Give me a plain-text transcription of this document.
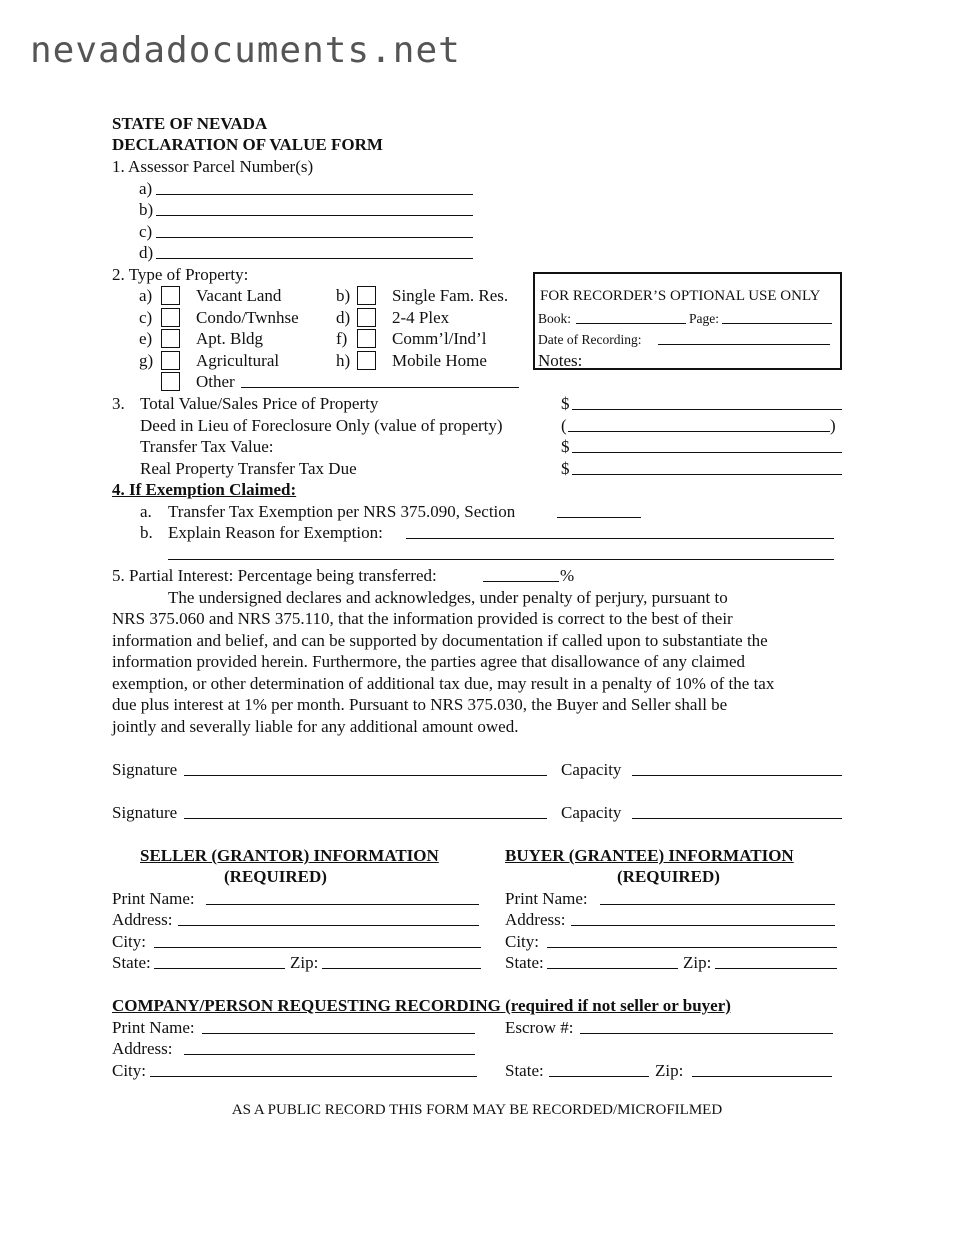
nevadadocuments.net
STATE OF NEVADA
DECLARATION OF VALUE FORM
1. Assessor Parcel Number(s)
a)
b)
c)
d)
2. Type of Property:
a)	Vacant Land	b) Single Fam. Res.
c)	Condo/Twnhse d) 2-4 Plex
e)	Apt. Bldg	f)	Comm’l/Ind’l
g)	Agricultural	h) Mobile Home
Other
FOR RECORDER’S OPTIONAL USE ONLY
Book:	Page:
Date of Recording:
Notes:
3. Total Value/Sales Price of Property	$
Deed in Lieu of Foreclosure Only (value of property)	(	)
Transfer Tax Value:	$
Real Property Transfer Tax Due	$
4. If Exemption Claimed:
a. Transfer Tax Exemption per NRS 375.090, Section
b. Explain Reason for Exemption:
5. Partial Interest: Percentage being transferred:	%
The undersigned declares and acknowledges, under penalty of perjury, pursuant to
NRS 375.060 and NRS 375.110, that the information provided is correct to the best of their
information and belief, and can be supported by documentation if called upon to substantiate the
information provided herein. Furthermore, the parties agree that disallowance of any claimed
exemption, or other determination of additional tax due, may result in a penalty of 10% of the tax
due plus interest at 1% per month. Pursuant to NRS 375.030, the Buyer and Seller shall be
jointly and severally liable for any additional amount owed.
Signature	Capacity
Signature	Capacity
SELLER (GRANTOR) INFORMATION
(REQUIRED)
Print Name:
Address:
City:
State:	Zip:
BUYER (GRANTEE) INFORMATION
(REQUIRED)
Print Name:
Address:
City:
State:	Zip:
COMPANY/PERSON REQUESTING RECORDING (required if not seller or buyer)
Print Name:	Escrow #:
Address:
City:	State:	Zip:
AS A PUBLIC RECORD THIS FORM MAY BE RECORDED/MICROFILMED
